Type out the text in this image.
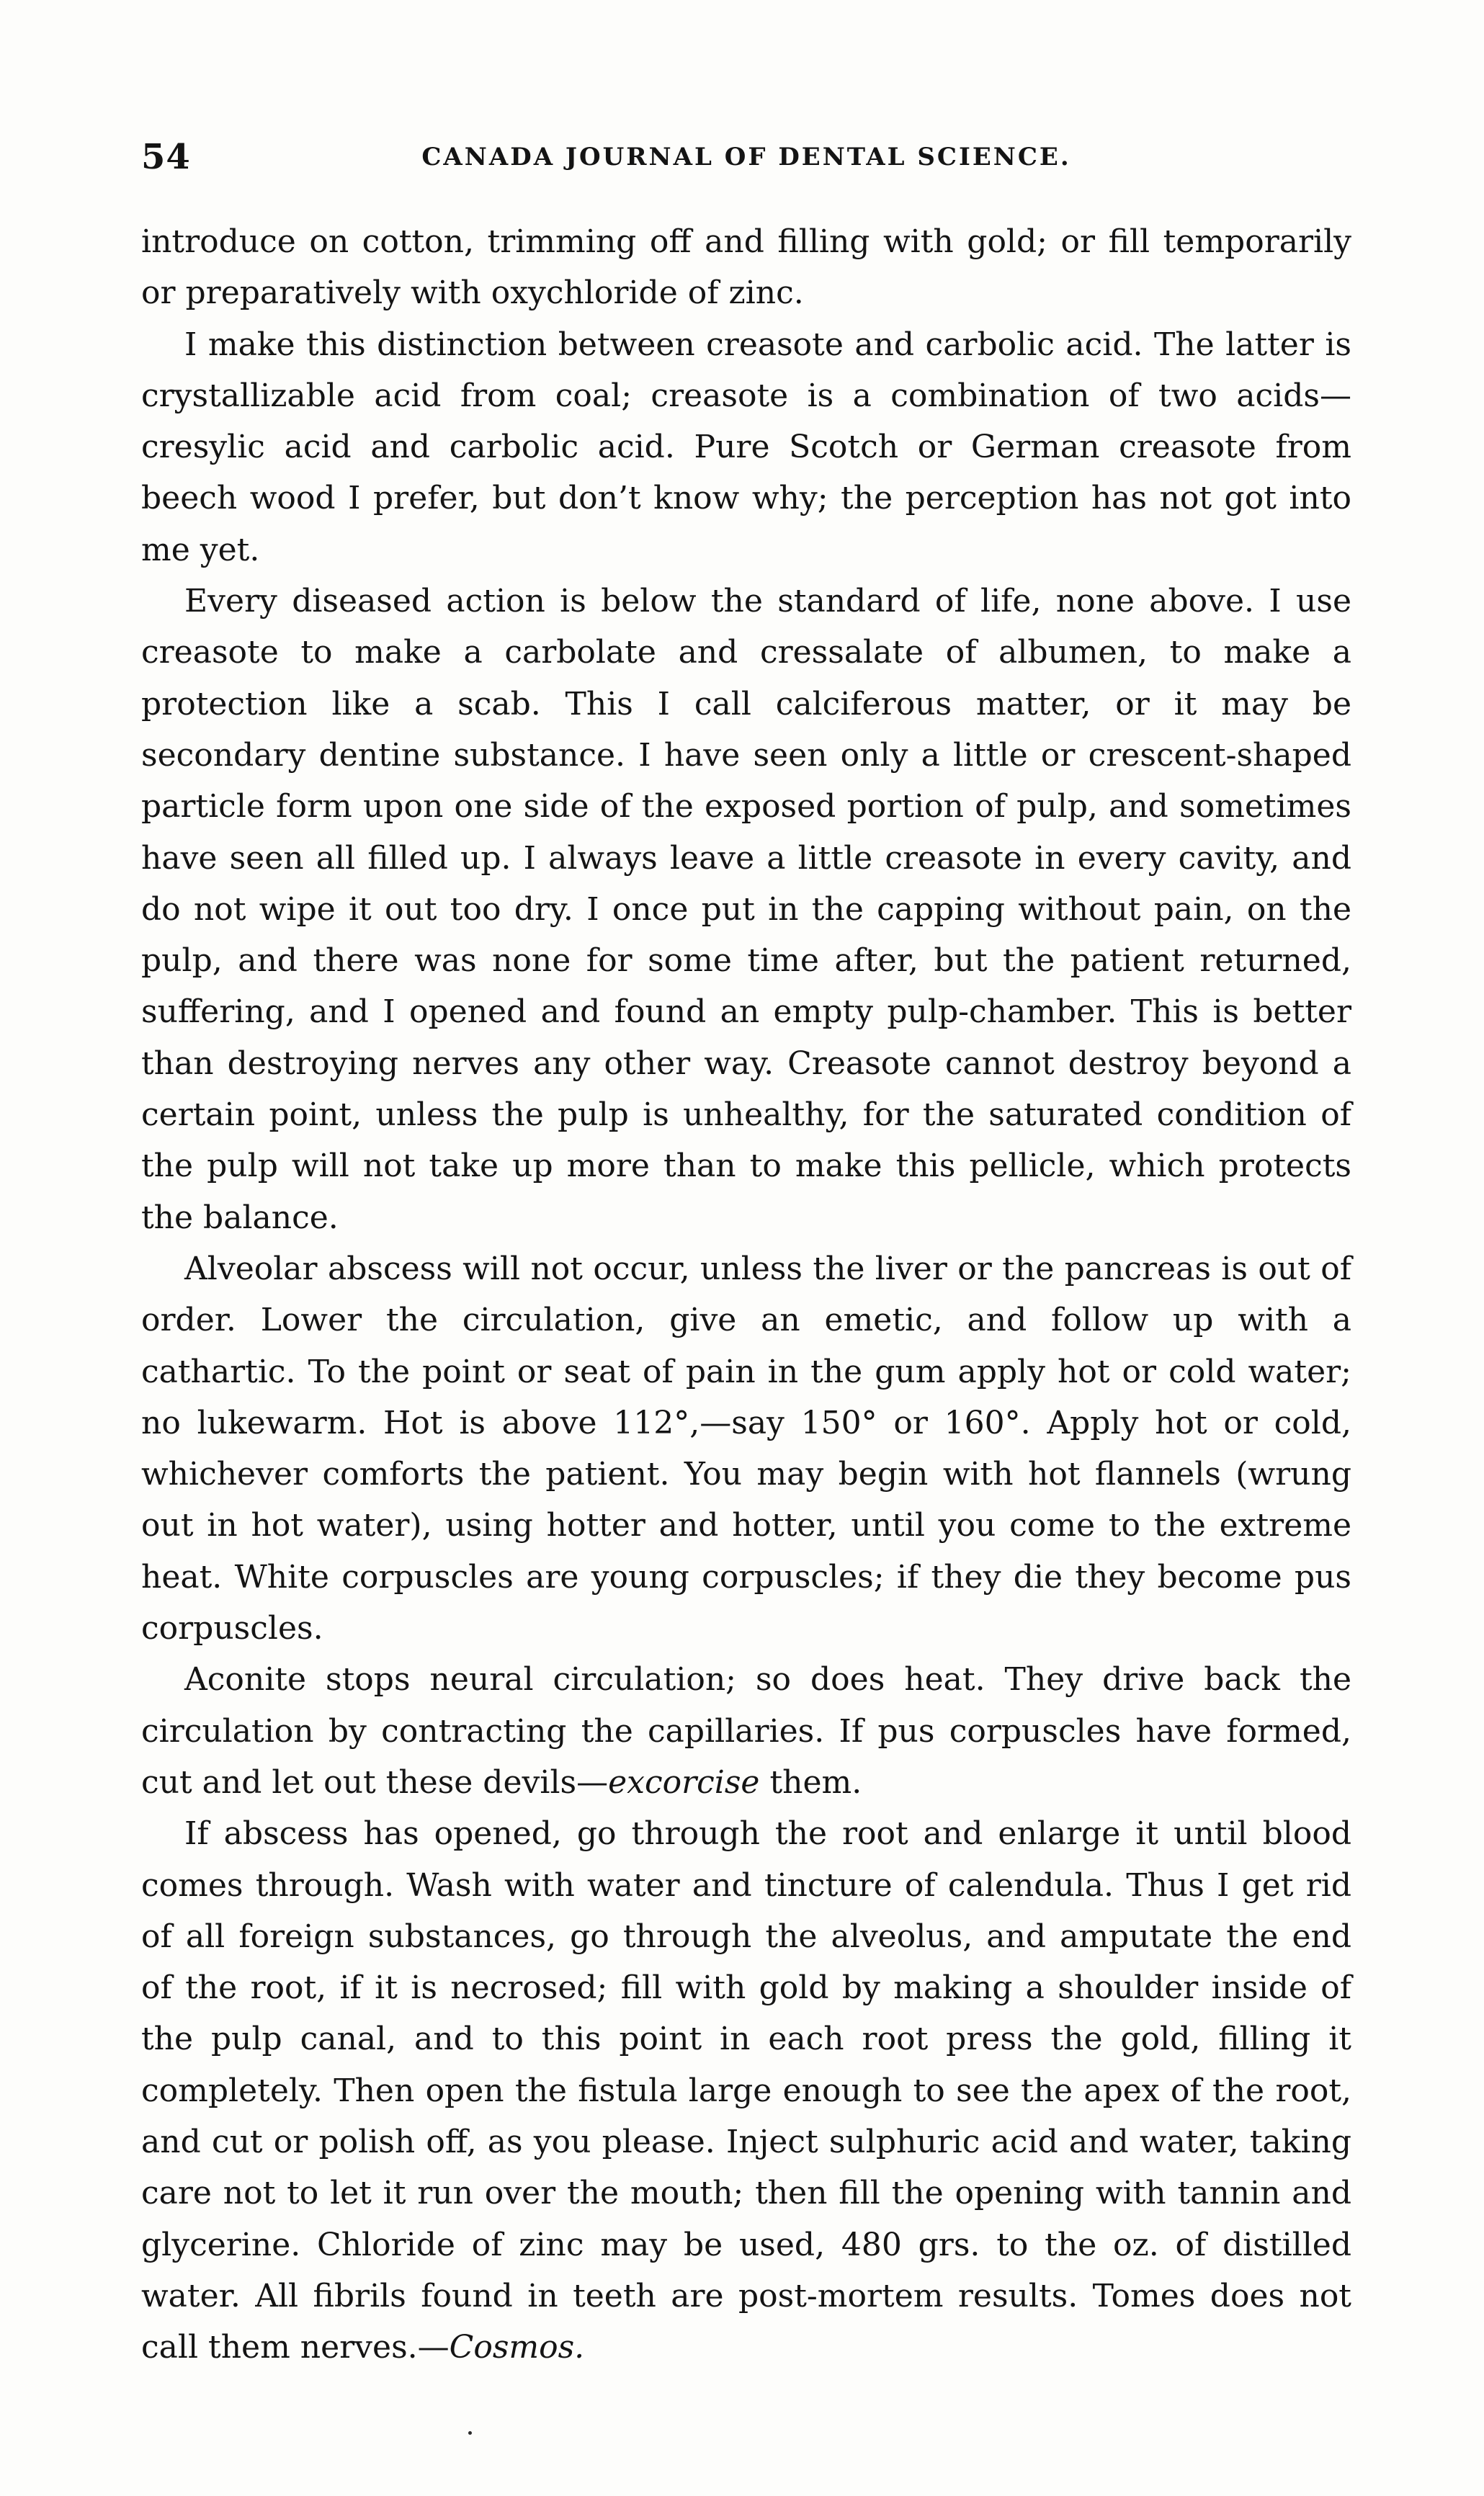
54	CANADA JOURNAL OF DENTAL SCIENCE.

introduce on cotton, trimming off and filling with gold; or fill temporarily or preparatively with oxychloride of zinc.

I make this distinction between creasote and carbolic acid. The latter is crystallizable acid from coal; creasote is a combination of two acids—cresylic acid and carbolic acid. Pure Scotch or German creasote from beech wood I prefer, but don’t know why; the perception has not got into me yet.

Every diseased action is below the standard of life, none above. I use creasote to make a carbolate and cressalate of albumen, to make a protection like a scab. This I call calciferous matter, or it may be secondary dentine substance. I have seen only a little or crescent-shaped particle form upon one side of the exposed portion of pulp, and sometimes have seen all filled up. I always leave a little creasote in every cavity, and do not wipe it out too dry. I once put in the capping without pain, on the pulp, and there was none for some time after, but the patient returned, suffering, and I opened and found an empty pulp-chamber. This is better than destroying nerves any other way. Creasote cannot destroy beyond a certain point, unless the pulp is unhealthy, for the saturated condition of the pulp will not take up more than to make this pellicle, which protects the balance.

Alveolar abscess will not occur, unless the liver or the pancreas is out of order. Lower the circulation, give an emetic, and follow up with a cathartic. To the point or seat of pain in the gum apply hot or cold water; no lukewarm. Hot is above 112°,—say 150° or 160°. Apply hot or cold, whichever comforts the patient. You may begin with hot flannels (wrung out in hot water), using hotter and hotter, until you come to the extreme heat. White corpuscles are young corpuscles; if they die they become pus corpuscles.

Aconite stops neural circulation; so does heat. They drive back the circulation by contracting the capillaries. If pus corpuscles have formed, cut and let out these devils—excorcise them.

If abscess has opened, go through the root and enlarge it until blood comes through. Wash with water and tincture of calendula. Thus I get rid of all foreign substances, go through the alveolus, and amputate the end of the root, if it is necrosed; fill with gold by making a shoulder inside of the pulp canal, and to this point in each root press the gold, filling it completely. Then open the fistula large enough to see the apex of the root, and cut or polish off, as you please. Inject sulphuric acid and water, taking care not to let it run over the mouth; then fill the opening with tannin and glycerine. Chloride of zinc may be used, 480 grs. to the oz. of distilled water. All fibrils found in teeth are post-mortem results. Tomes does not call them nerves.—Cosmos.
